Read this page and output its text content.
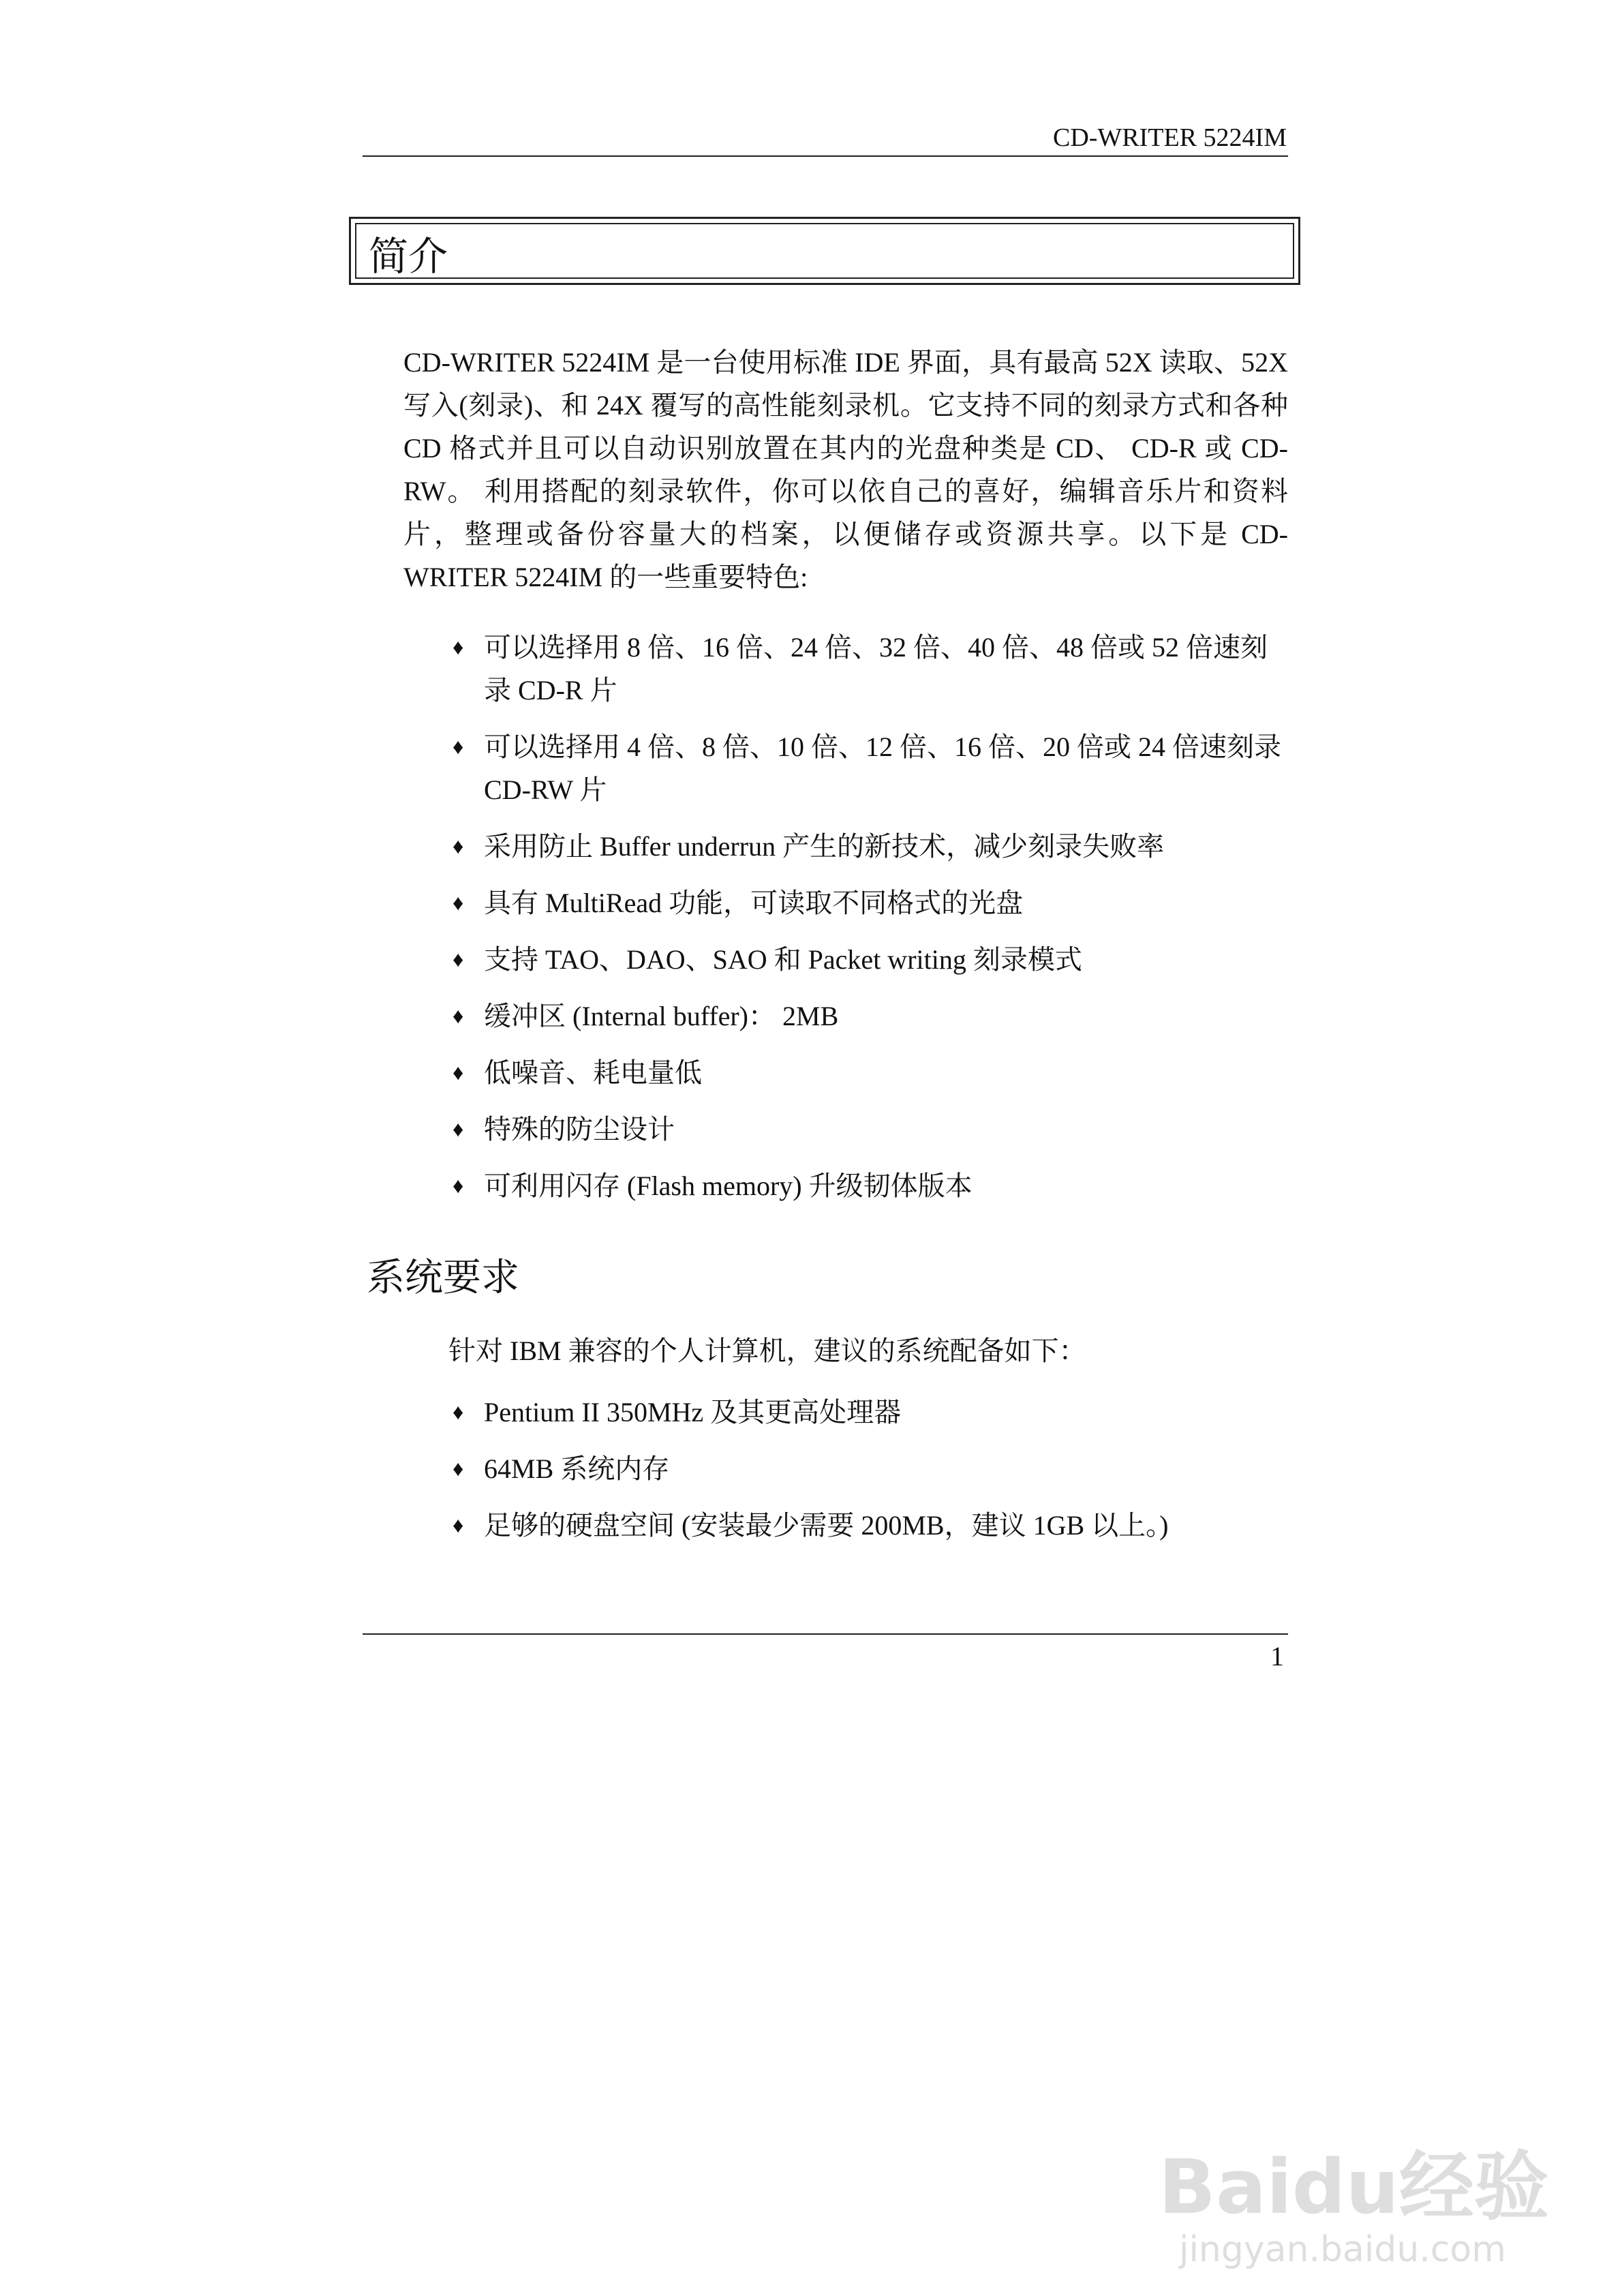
CD-WRITER 5224IM
简介
CD-WRITER 5224IM 是一台使用标准 IDE 界面，具有最高 52X 读取、52X 写入(刻录)、和 24X 覆写的高性能刻录机。它支持不同的刻录方式和各种 CD 格式并且可以自动识别放置在其内的光盘种类是 CD、 CD-R 或 CD-RW。 利用搭配的刻录软件，你可以依自己的喜好，编辑音乐片和资料片，整理或备份容量大的档案，以便储存或资源共享。以下是 CD-WRITER 5224IM 的一些重要特色:
♦ 可以选择用 8 倍、16 倍、24 倍、32 倍、40 倍、48 倍或 52 倍速刻录 CD-R 片
♦ 可以选择用 4 倍、8 倍、10 倍、12 倍、16 倍、20 倍或 24 倍速刻录 CD-RW 片
♦ 采用防止 Buffer underrun 产生的新技术，减少刻录失败率
♦ 具有 MultiRead 功能，可读取不同格式的光盘
♦ 支持 TAO、DAO、SAO 和 Packet writing 刻录模式
♦ 缓冲区 (Internal buffer)： 2MB
♦ 低噪音、耗电量低
♦ 特殊的防尘设计
♦ 可利用闪存 (Flash memory) 升级韧体版本
系统要求
针对 IBM 兼容的个人计算机，建议的系统配备如下：
♦ Pentium II 350MHz 及其更高处理器
♦ 64MB 系统内存
♦ 足够的硬盘空间 (安装最少需要 200MB，建议 1GB 以上。)
1
Baidu经验
jingyan.baidu.com
